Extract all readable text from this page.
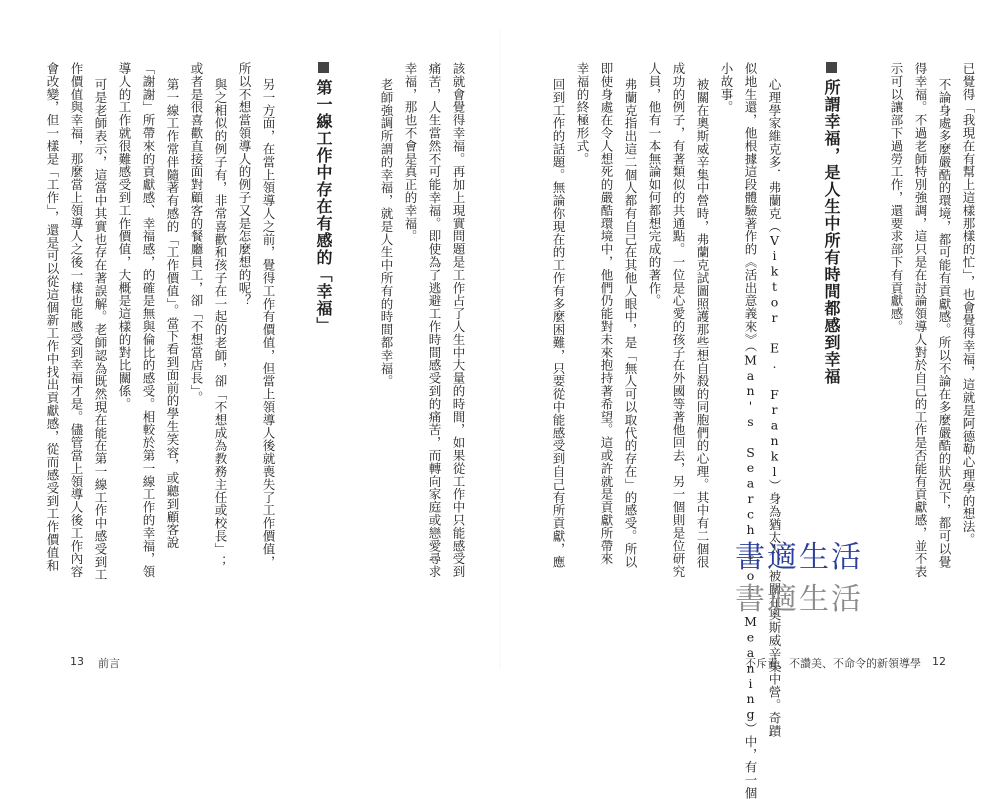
已覺得「我現在有幫上這樣那樣的忙」，也會覺得幸福，這就是阿德勒心理學的想法。
不論身處多麼嚴酷的環境，都可能有貢獻感。所以不論在多麼嚴酷的狀況下，都可以覺
得幸福。不過老師特別強調，這只是在討論領導人對於自己的工作是否能有貢獻感，並不表
示可以讓部下過勞工作，還要求部下有貢獻感。
所謂幸福，是人生中所有時間都感到幸福
心理學家維克多．弗蘭克（Viktor E. Frankl）身為猶太人，被關在奧斯威辛集中營。奇蹟
似地生還，他根據這段體驗著作的《活出意義來》（Man's Search for Meaning）中，有一個
小故事。
被關在奧斯威辛集中營時，弗蘭克試圖照護那些想自殺的同胞們的心理。其中有二個很
成功的例子，有著類似的共通點。一位是心愛的孩子在外國等著他回去，另一個則是位研究
人員，他有一本無論如何都想完成的著作。
弗蘭克指出這二個人都有自己在其他人眼中，是「無人可以取代的存在」的感受。所以
即使身處在令人想死的嚴酷環境中，他們仍能對未來抱持著希望。這或許就是貢獻所帶來
幸福的終極形式。
回到工作的話題。無論你現在的工作有多麼困難，只要從中能感受到自己有所貢獻，應
該就會覺得幸福。再加上現實問題是工作占了人生中大量的時間，如果從工作中只能感受到
痛苦，人生當然不可能幸福。即使為了逃避工作時間感受到的痛苦，而轉向家庭或戀愛尋求
幸福，那也不會是真正的幸福。
老師強調所謂的幸福，就是人生中所有的時間都幸福。
第一線工作中存在有感的「幸福」
另一方面，在當上領導人之前，覺得工作有價值，但當上領導人後就喪失了工作價值，
所以不想當領導人的例子又是怎麼想的呢？
與之相似的例子有，非常喜歡和孩子在一起的老師，卻「不想成為教務主任或校長」；
或者是很喜歡直接面對顧客的餐廳員工，卻「不想當店長」。
第一線工作常伴隨著有感的「工作價值」。當下看到面前的學生笑容，或聽到顧客說
「謝謝」所帶來的貢獻感、幸福感，的確是無與倫比的感受。相較於第一線工作的幸福，領
導人的工作就很難感受到工作價值，大概是這樣的對比關係。
可是老師表示，這當中其實也存在著誤解。老師認為既然現在能在第一線工作中感受到工
作價值與幸福，那麼當上領導人之後一樣也能感受到幸福才是。儘管當上領導人後工作內容
會改變，但一樣是「工作」，還是可以從這個新工作中找出貢獻感，從而感受到工作價值和
13 前言	不斥責、不讚美、不命令的新領導學 12
書適生活
書適生活
